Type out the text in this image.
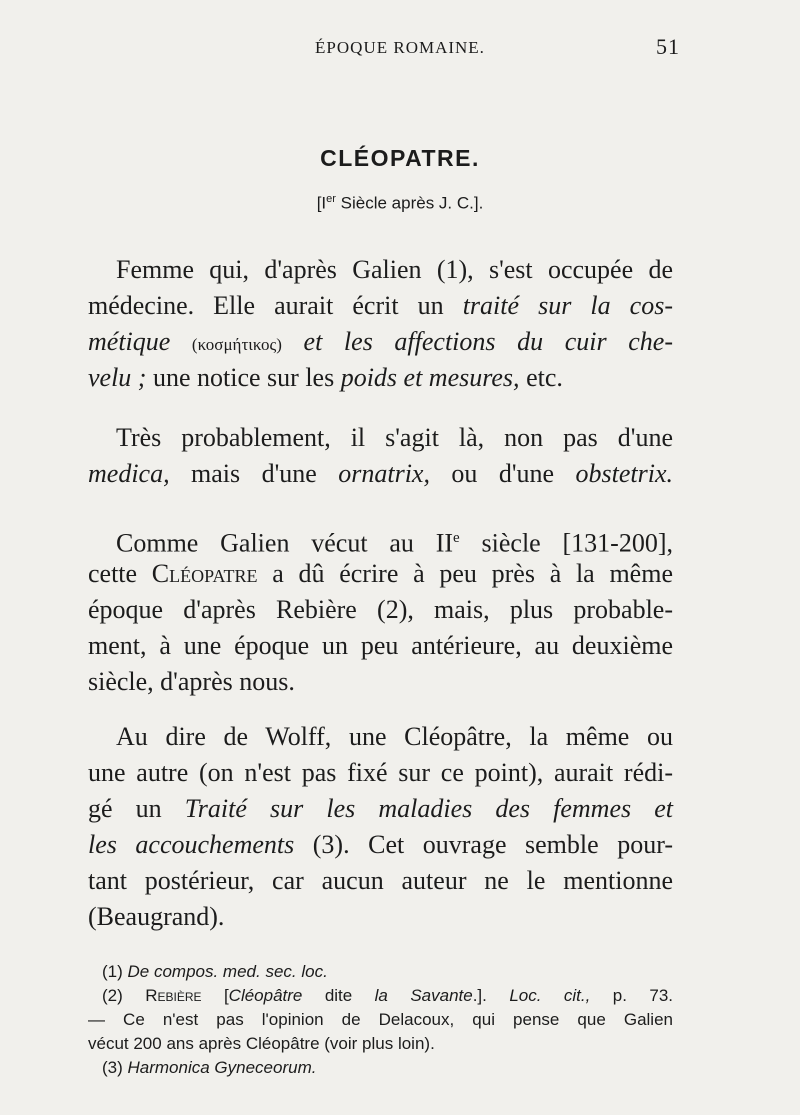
ÉPOQUE ROMAINE.	51
CLÉOPATRE.
[Ier Siècle après J. C.].
Femme qui, d'après Galien (1), s'est occupée de
médecine. Elle aurait écrit un traité sur la cos-
métique (κοσμήτικος) et les affections du cuir che-
velu ; une notice sur les poids et mesures, etc.
Très probablement, il s'agit là, non pas d'une
medica, mais d'une ornatrix, ou d'une obstetrix.
Comme Galien vécut au IIe siècle [131-200],
cette Cléopatre a dû écrire à peu près à la même
époque d'après Rebière (2), mais, plus probable-
ment, à une époque un peu antérieure, au deuxième
siècle, d'après nous.
Au dire de Wolff, une Cléopâtre, la même ou
une autre (on n'est pas fixé sur ce point), aurait rédi-
gé un Traité sur les maladies des femmes et
les accouchements (3). Cet ouvrage semble pour-
tant postérieur, car aucun auteur ne le mentionne
(Beaugrand).
(1) De compos. med. sec. loc.
(2) Rebière [Cléopâtre dite la Savante.]. Loc. cit., p. 73.
— Ce n'est pas l'opinion de Delacoux, qui pense que Galien
vécut 200 ans après Cléopâtre (voir plus loin).
(3) Harmonica Gyneceorum.
